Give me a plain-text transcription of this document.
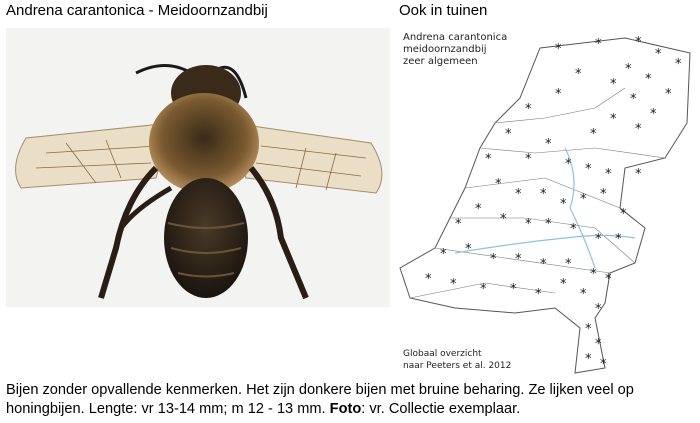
Andrena carantonica - Meidoornzandbij	Ook in tuinen
Andrena carantonica
meidoornzandbij
zeer algemeen
*	*	*
*
*
*
*
*
*
*
*
*
*
*
*
*
*
*
*	*
*
* * * *
*
* *
* * *
*
*
* * * *
* *
*
* *
* * * *
*
* * * * *
*
*
*
*
*
* *
*
Globaal overzicht
naar Peeters et al. 2012
Bijen zonder opvallende kenmerken. Het zijn donkere bijen met bruine beharing. Ze lijken veel op honingbijen. Lengte: vr 13-14 mm; m 12 - 13 mm. Foto: vr. Collectie exemplaar.
